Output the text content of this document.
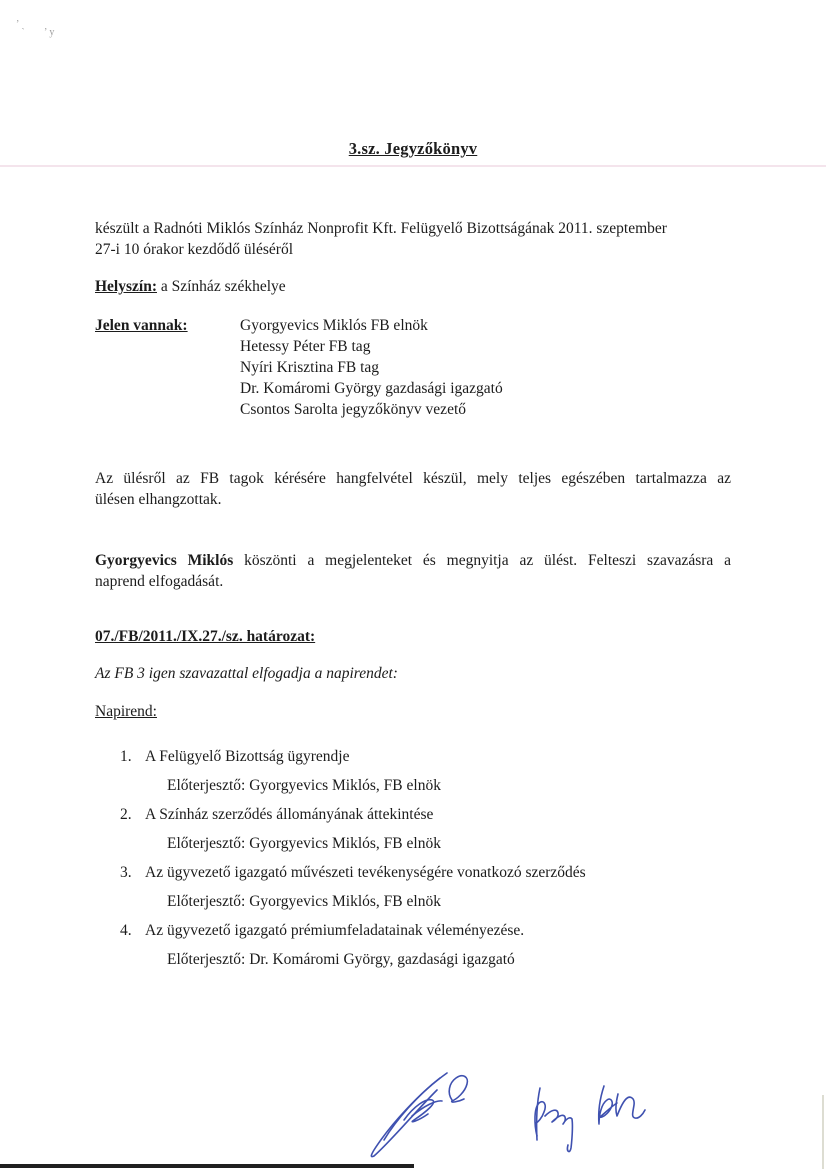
ʼˏ
ʼy
3.sz. Jegyzőkönyv
készült a Radnóti Miklós Színház Nonprofit Kft. Felügyelő Bizottságának 2011. szeptember
27-i 10 órakor kezdődő üléséről
Helyszín: a Színház székhelye
Jelen vannak:	Gyorgyevics Miklós FB elnök
Hetessy Péter FB tag
Nyíri Krisztina FB tag
Dr. Komáromi György gazdasági igazgató
Csontos Sarolta jegyzőkönyv vezető
Az ülésről az FB tagok kérésére hangfelvétel készül, mely teljes egészében tartalmazza az
ülésen elhangzottak.
Gyorgyevics Miklós köszönti a megjelenteket és megnyitja az ülést. Felteszi szavazásra a
naprend elfogadását.
07./FB/2011./IX.27./sz. határozat:
Az FB 3 igen szavazattal elfogadja a napirendet:
Napirend:
1. A Felügyelő Bizottság ügyrendje
Előterjesztő: Gyorgyevics Miklós, FB elnök
2. A Színház szerződés állományának áttekintése
Előterjesztő: Gyorgyevics Miklós, FB elnök
3. Az ügyvezető igazgató művészeti tevékenységére vonatkozó szerződés
Előterjesztő: Gyorgyevics Miklós, FB elnök
4. Az ügyvezető igazgató prémiumfeladatainak véleményezése.
Előterjesztő: Dr. Komáromi György, gazdasági igazgató
